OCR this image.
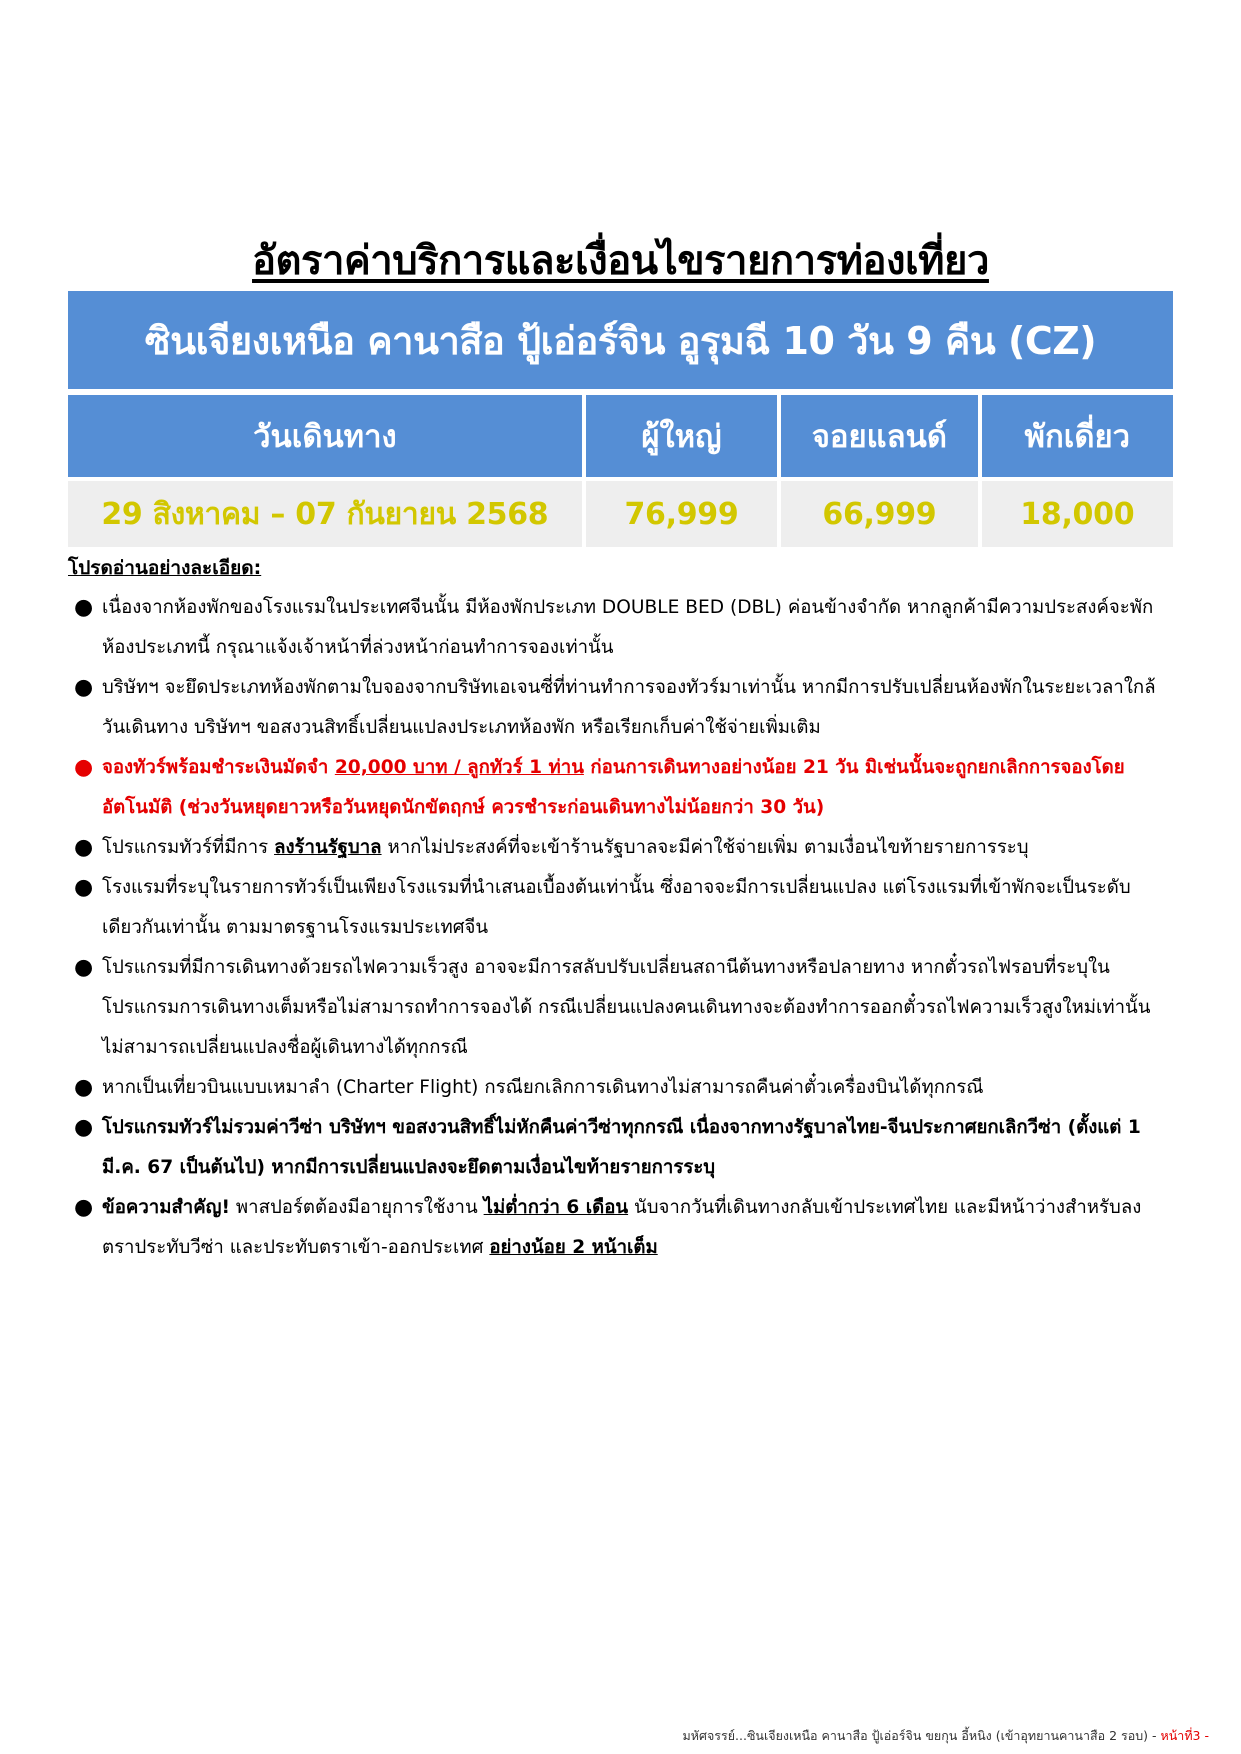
อัตราค่าบริการและเงื่อนไขรายการท่องเที่ยว
ซินเจียงเหนือ คานาสือ ปู้เอ่อร์จิน อูรุมฉี 10 วัน 9 คืน (CZ)
วันเดินทาง	ผู้ใหญ่	จอยแลนด์	พักเดี่ยว

29 สิงหาคม – 07 กันยายน 2568	76,999	66,999	18,000

โปรดอ่านอย่างละเอียด:

● เนื่องจากห้องพักของโรงแรมในประเทศจีนนั้น มีห้องพักประเภท DOUBLE BED (DBL) ค่อนข้างจำกัด หากลูกค้ามีความประสงค์จะพักห้องประเภทนี้ กรุณาแจ้งเจ้าหน้าที่ล่วงหน้าก่อนทำการจองเท่านั้น
● บริษัทฯ จะยึดประเภทห้องพักตามใบจองจากบริษัทเอเจนซี่ที่ท่านทำการจองทัวร์มาเท่านั้น หากมีการปรับเปลี่ยนห้องพักในระยะเวลาใกล้วันเดินทาง บริษัทฯ ขอสงวนสิทธิ์เปลี่ยนแปลงประเภทห้องพัก หรือเรียกเก็บค่าใช้จ่ายเพิ่มเติม
● จองทัวร์พร้อมชำระเงินมัดจำ 20,000 บาท / ลูกทัวร์ 1 ท่าน ก่อนการเดินทางอย่างน้อย 21 วัน มิเช่นนั้นจะถูกยกเลิกการจองโดยอัตโนมัติ (ช่วงวันหยุดยาวหรือวันหยุดนักขัตฤกษ์ ควรชำระก่อนเดินทางไม่น้อยกว่า 30 วัน)
● โปรแกรมทัวร์ที่มีการ ลงร้านรัฐบาล หากไม่ประสงค์ที่จะเข้าร้านรัฐบาลจะมีค่าใช้จ่ายเพิ่ม ตามเงื่อนไขท้ายรายการระบุ
● โรงแรมที่ระบุในรายการทัวร์เป็นเพียงโรงแรมที่นำเสนอเบื้องต้นเท่านั้น ซึ่งอาจจะมีการเปลี่ยนแปลง แต่โรงแรมที่เข้าพักจะเป็นระดับเดียวกันเท่านั้น ตามมาตรฐานโรงแรมประเทศจีน
● โปรแกรมที่มีการเดินทางด้วยรถไฟความเร็วสูง อาจจะมีการสลับปรับเปลี่ยนสถานีต้นทางหรือปลายทาง หากตั๋วรถไฟรอบที่ระบุในโปรแกรมการเดินทางเต็มหรือไม่สามารถทำการจองได้ กรณีเปลี่ยนแปลงคนเดินทางจะต้องทำการออกตั๋วรถไฟความเร็วสูงใหม่เท่านั้น ไม่สามารถเปลี่ยนแปลงชื่อผู้เดินทางได้ทุกกรณี
● หากเป็นเที่ยวบินแบบเหมาลำ (Charter Flight) กรณียกเลิกการเดินทางไม่สามารถคืนค่าตั๋วเครื่องบินได้ทุกกรณี
● โปรแกรมทัวร์ไม่รวมค่าวีซ่า บริษัทฯ ขอสงวนสิทธิ์ไม่หักคืนค่าวีซ่าทุกกรณี เนื่องจากทางรัฐบาลไทย-จีนประกาศยกเลิกวีซ่า (ตั้งแต่ 1 มี.ค. 67 เป็นต้นไป) หากมีการเปลี่ยนแปลงจะยึดตามเงื่อนไขท้ายรายการระบุ
● ข้อความสำคัญ! พาสปอร์ตต้องมีอายุการใช้งาน ไม่ต่ำกว่า 6 เดือน นับจากวันที่เดินทางกลับเข้าประเทศไทย และมีหน้าว่างสำหรับลงตราประทับวีซ่า และประทับตราเข้า-ออกประเทศ อย่างน้อย 2 หน้าเต็ม
มหัศจรรย์...ซินเจียงเหนือ คานาสือ ปู้เอ่อร์จิน ขยกุน อี้หนิง (เข้าอุทยานคานาสือ 2 รอบ) - หน้าที่3 -
